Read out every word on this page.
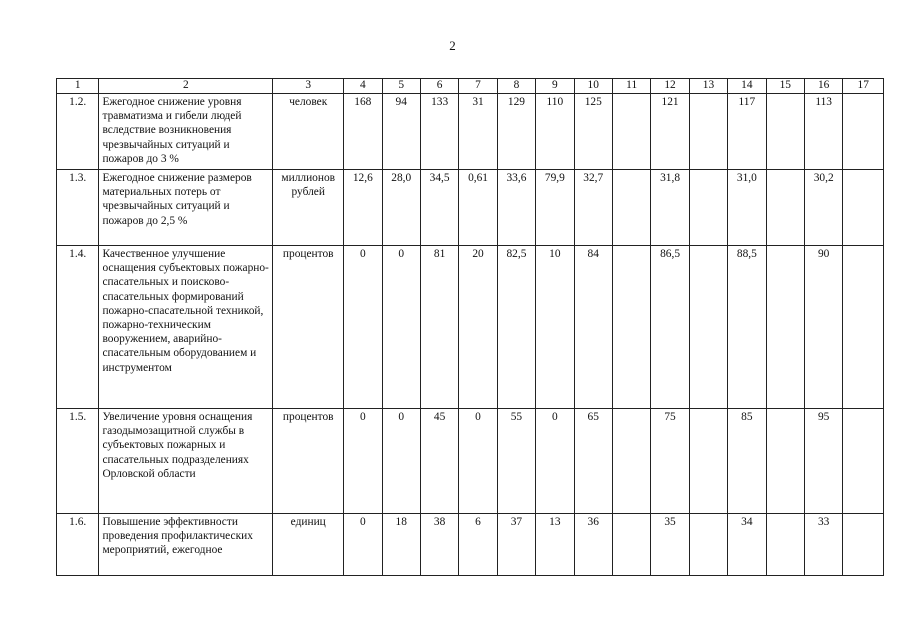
2
1	2	3	4	5	6	7	8	9	10	11	12	13	14	15	16	17
1.2.	Ежегодное снижение уровня травматизма и гибели людей вследствие возникновения чрезвычайных ситуаций и пожаров до 3 %	человек	168	94	133	31	129	110	125		121		117		113	
1.3.	Ежегодное снижение размеров материальных потерь от чрезвычайных ситуаций и пожаров до 2,5 %	миллионов рублей	12,6	28,0	34,5	0,61	33,6	79,9	32,7		31,8		31,0		30,2	
1.4.	Качественное улучшение оснащения субъектовых пожарно-спасательных и поисково-спасательных формирований пожарно-спасательной техникой, пожарно-техническим вооружением, аварийно-спасательным оборудованием и инструментом	процентов	0	0	81	20	82,5	10	84		86,5		88,5		90	
1.5.	Увеличение уровня оснащения газодымозащитной службы в субъектовых пожарных и спасательных подразделениях Орловской области	процентов	0	0	45	0	55	0	65		75		85		95	
1.6.	Повышение эффективности проведения профилактических мероприятий, ежегодное	единиц	0	18	38	6	37	13	36		35		34		33	
